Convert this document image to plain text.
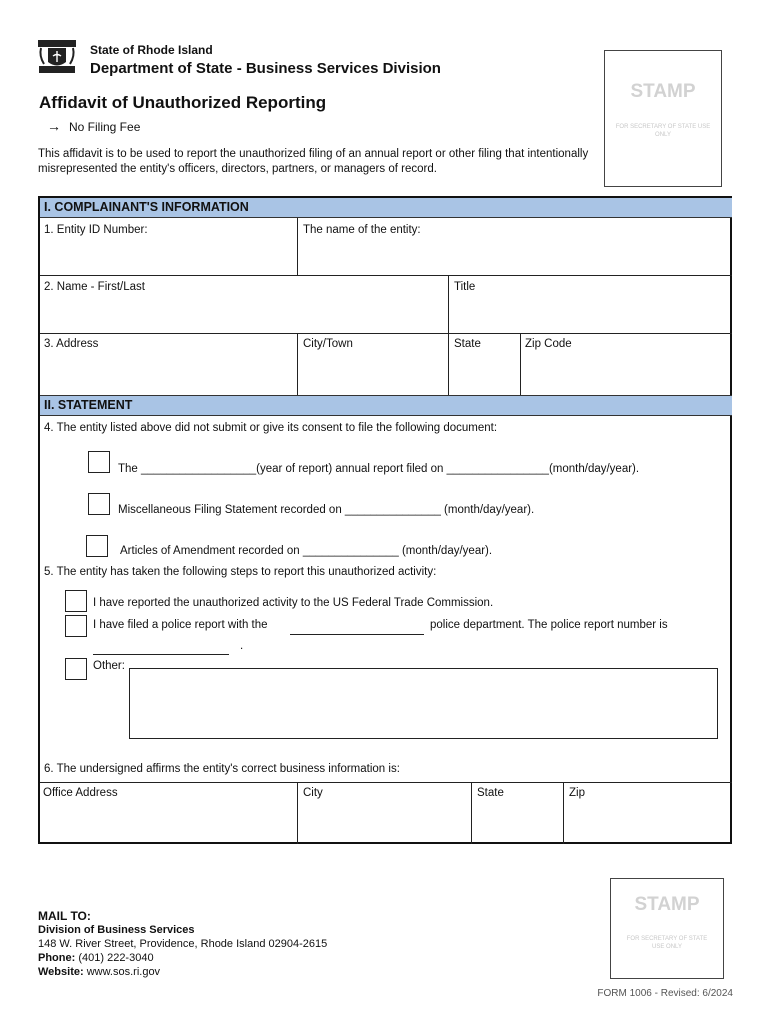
State of Rhode Island
Department of State - Business Services Division
Affidavit of Unauthorized Reporting
→ No Filing Fee
This affidavit is to be used to report the unauthorized filing of an annual report or other filing that intentionally misrepresented the entity's officers, directors, partners, or managers of record.
STAMP
FOR SECRETARY OF STATE USE ONLY
I. COMPLAINANT'S INFORMATION
1. Entity ID Number:	The name of the entity:
2. Name - First/Last	Title
3. Address	City/Town	State	Zip Code
II. STATEMENT
4. The entity listed above did not submit or give its consent to file the following document:
The __________________(year of report) annual report filed on ________________(month/day/year).
Miscellaneous Filing Statement recorded on _______________ (month/day/year).
Articles of Amendment recorded on _______________ (month/day/year).
5. The entity has taken the following steps to report this unauthorized activity:
I have reported the unauthorized activity to the US Federal Trade Commission.
I have filed a police report with the	police department. The police report number is
.
Other:
6. The undersigned affirms the entity's correct business information is:
Office Address	City	State	Zip
MAIL TO:
Division of Business Services
148 W. River Street, Providence, Rhode Island 02904-2615
Phone: (401) 222-3040
Website: www.sos.ri.gov
STAMP
FOR SECRETARY OF STATE USE ONLY
FORM 1006 - Revised: 6/2024
